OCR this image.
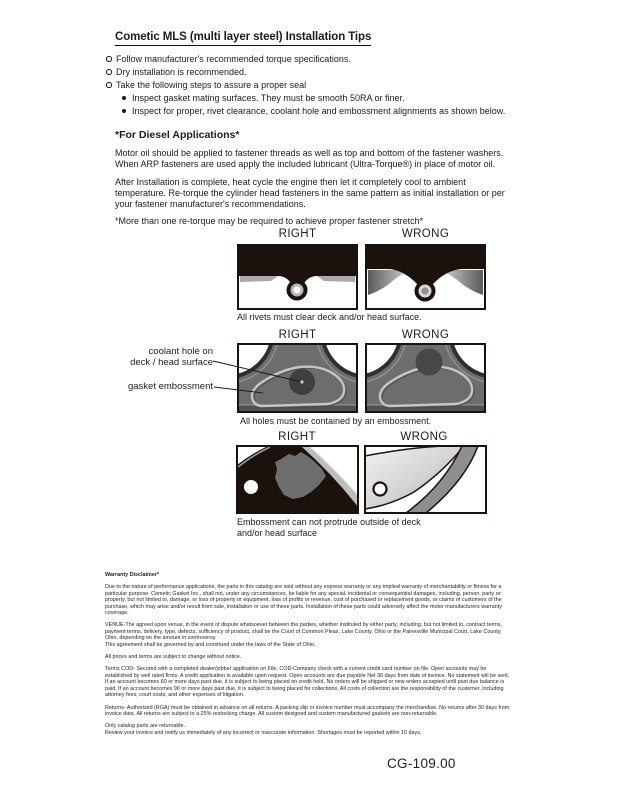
Cometic MLS (multi layer steel) Installation Tips
Follow manufacturer's recommended torque specifications.
Dry installation is recommended.
Take the following steps to assure a proper seal
Inspect gasket mating surfaces. They must be smooth 50RA or finer.
Inspect for proper, rivet clearance, coolant hole and embossment alignments as shown below.
*For Diesel Applications*
Motor oil should be applied to fastener threads as well as top and bottom of the fastener washers. When ARP fasteners are used apply the included lubricant (Ultra-Torque®) in place of motor oil.
After Installation is complete, heat cycle the engine then let it completely cool to ambient temperature. Re-torque the cylinder head fasteners in the same pattern as initial installation or per your fastener manufacturer's recommendations.
*More than one re-torque may be required to achieve proper fastener stretch*
RIGHT	WRONG
All rivets must clear deck and/or head surface.
coolant hole on
deck / head surface
gasket embossment
RIGHT	WRONG
All holes must be contained by an embossment.
RIGHT	WRONG
Embossment can not protrude outside of deck
and/or head surface
Warranty Disclaimer*

Due to the nature of performance applications, the parts in this catalog are sold without any express warranty or any implied warranty of merchantability or fitness for a particular purpose. Cometic Gasket Inc., shall not, under any circumstances, be liable for any special, incidental or consequential damages, including, person, party or property, but not limited to, damage, or loss of property or equipment, loss of profits or revenue, cost of purchased or replacement goods, or claims of customers of the purchase, which may arise and/or result from sale, installation or use of these parts. Installation of these parts could adversely affect the motor manufacturers warranty coverage.

VENUE-The agreed upon venue, in the event of dispute whatsoever between the parties, whether instituted by either party, including, but not limited to, contract terms, payment terms, delivery, type, defects, sufficiency of product, shall be the Court of Common Pleas, Lake County, Ohio or the Painesville Municipal Court, Lake County, Ohio, depending on the amount in controversy.

This agreement shall be governed by and construed under the laws of the State of Ohio.

All prices and terms are subject to change without notice.

Terms COD- Secured with a completed dealer/jobber application on File, COD-Company check with a current credit card number on file. Open accounts may be established by well rated firms. A credit application is available upon request. Open accounts are due payable Net 30 days from date of invoice. No statement will be sent. If an account becomes 60 or more days past due, it is subject to being placed on credit hold. No orders will be shipped or new orders accepted until past due balance is paid. If an account becomes 90 or more days past due, it is subject to being placed for collections. All costs of collection are the responsibility of the customer, including attorney fees, court costs, and other expenses of litigation.

Returns- Authorized (RGA) must be obtained in advance on all returns. A packing slip or invoice number must accompany the merchandise. No returns after 30 days from invoice date. All returns are subject to a 25% restocking charge. All custom designed and custom manufactured gaskets are non-returnable.

Only catalog parts are returnable.

Review your invoice and notify us immediately of any incorrect or inaccurate information. Shortages must be reported within 10 days.

CG-109.00
